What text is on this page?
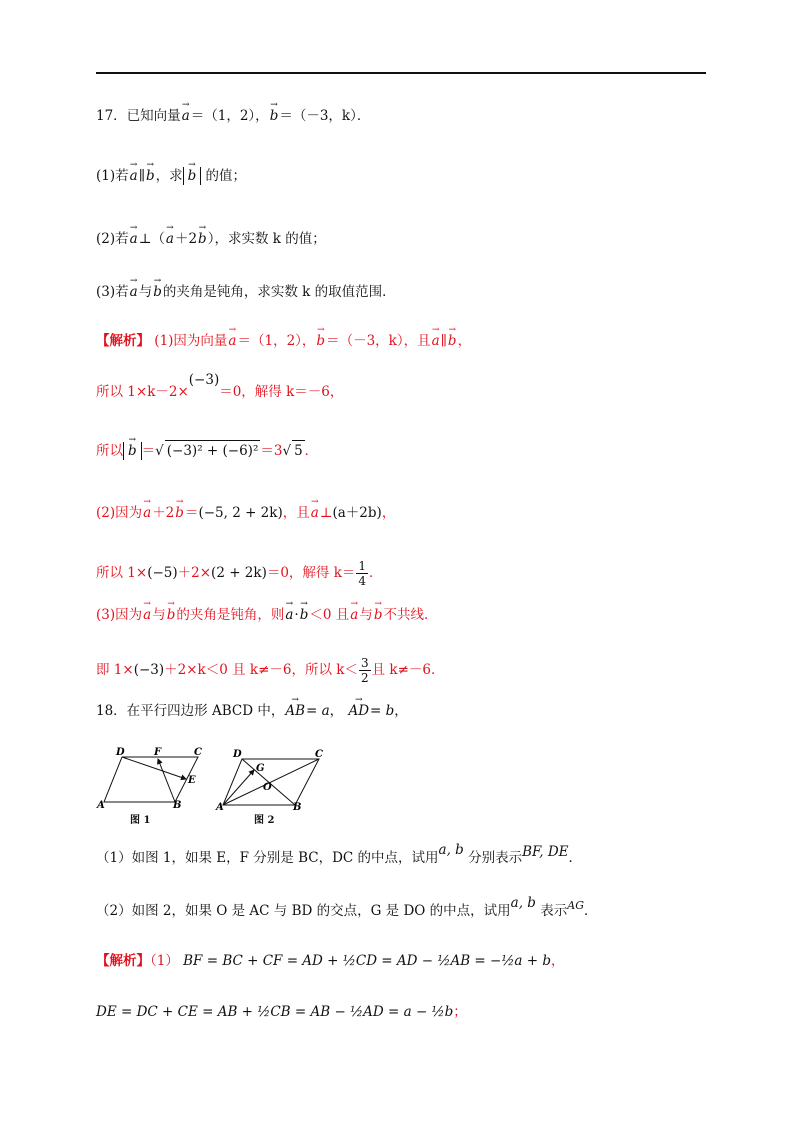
17．已知向量→ a＝（1，2），→ b＝（－3，k）．
(1)若→ a∥→ b，求 → b 的值；
(2)若→ a⊥（→ a＋2→ b），求实数 k 的值；
(3)若→ a与→ b的夹角是钝角，求实数 k 的取值范围．
【解析】 (1)因为向量→ a＝（1，2），→ b＝（－3，k），且→ a∥→ b，
所以 1×k－2×(−3)＝0，解得 k＝－6，
所以 → b ＝√ (−3)² + (−6)² ＝3√ 5 ．
(2)因为→ a＋2→ b＝(−5, 2 + 2k)，且→ a⊥(a＋2b)，
所以 1×(−5)＋2×(2 + 2k)＝0，解得 $k= \frac{1}{4}$ ．
(3)因为→ a与→ b的夹角是钝角，则→ a·→ b＜0 且→ a与→ b不共线．
即 1×(−3)＋2×k＜0 且 k≠－6，所以 $k< \frac{3}{2}$ 且 k≠－6．
18．在平行四边形 ABCD 中，→ AB= a， → AD= b，
D	F	C
E
A	B
图 1
D
G
C
O
A	B
图 2
（1）如图 1，如果 E，F 分别是 BC，DC 的中点，试用a, b 分别表示BF, DE．
（2）如图 2，如果 O 是 AC 与 BD 的交点，G 是 DO 的中点，试用a, b 表示$^{AG}$．
【解析】（1） BF = BC + CF = AD + ½CD = AD − ½AB = −½a + b，
DE = DC + CE = AB + ½CB = AB − ½AD = a − ½b；
